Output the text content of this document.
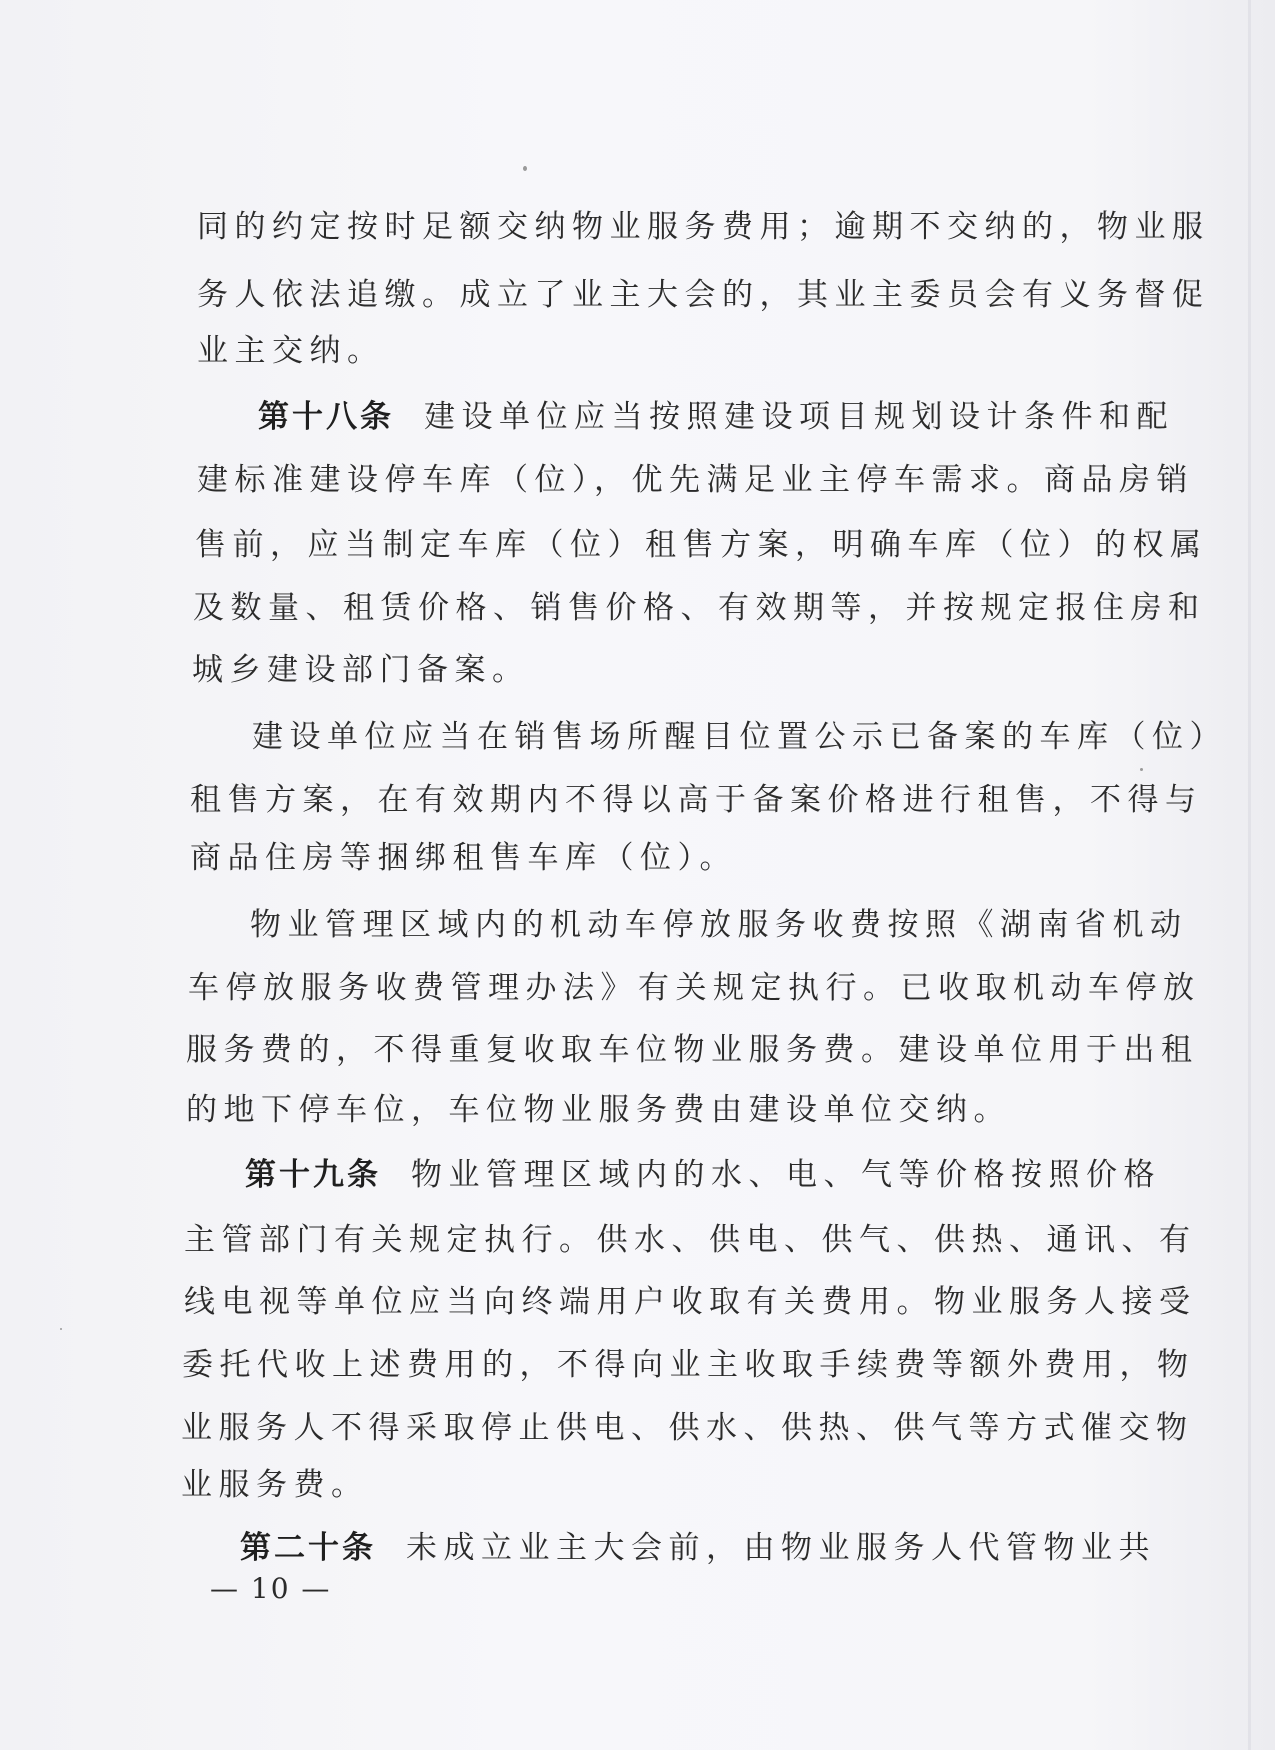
同的约定按时足额交纳物业服务费用；逾期不交纳的，物业服
务人依法追缴。成立了业主大会的，其业主委员会有义务督促
业主交纳。
第十八条 建设单位应当按照建设项目规划设计条件和配
建标准建设停车库（位），优先满足业主停车需求。商品房销
售前，应当制定车库（位）租售方案，明确车库（位）的权属
及数量、租赁价格、销售价格、有效期等，并按规定报住房和
城乡建设部门备案。
建设单位应当在销售场所醒目位置公示已备案的车库（位）
租售方案，在有效期内不得以高于备案价格进行租售，不得与
商品住房等捆绑租售车库（位）。
物业管理区域内的机动车停放服务收费按照《湖南省机动
车停放服务收费管理办法》有关规定执行。已收取机动车停放
服务费的，不得重复收取车位物业服务费。建设单位用于出租
的地下停车位，车位物业服务费由建设单位交纳。
第十九条 物业管理区域内的水、电、气等价格按照价格
主管部门有关规定执行。供水、供电、供气、供热、通讯、有
线电视等单位应当向终端用户收取有关费用。物业服务人接受
委托代收上述费用的，不得向业主收取手续费等额外费用，物
业服务人不得采取停止供电、供水、供热、供气等方式催交物
业服务费。
第二十条 未成立业主大会前，由物业服务人代管物业共
— 10 —
